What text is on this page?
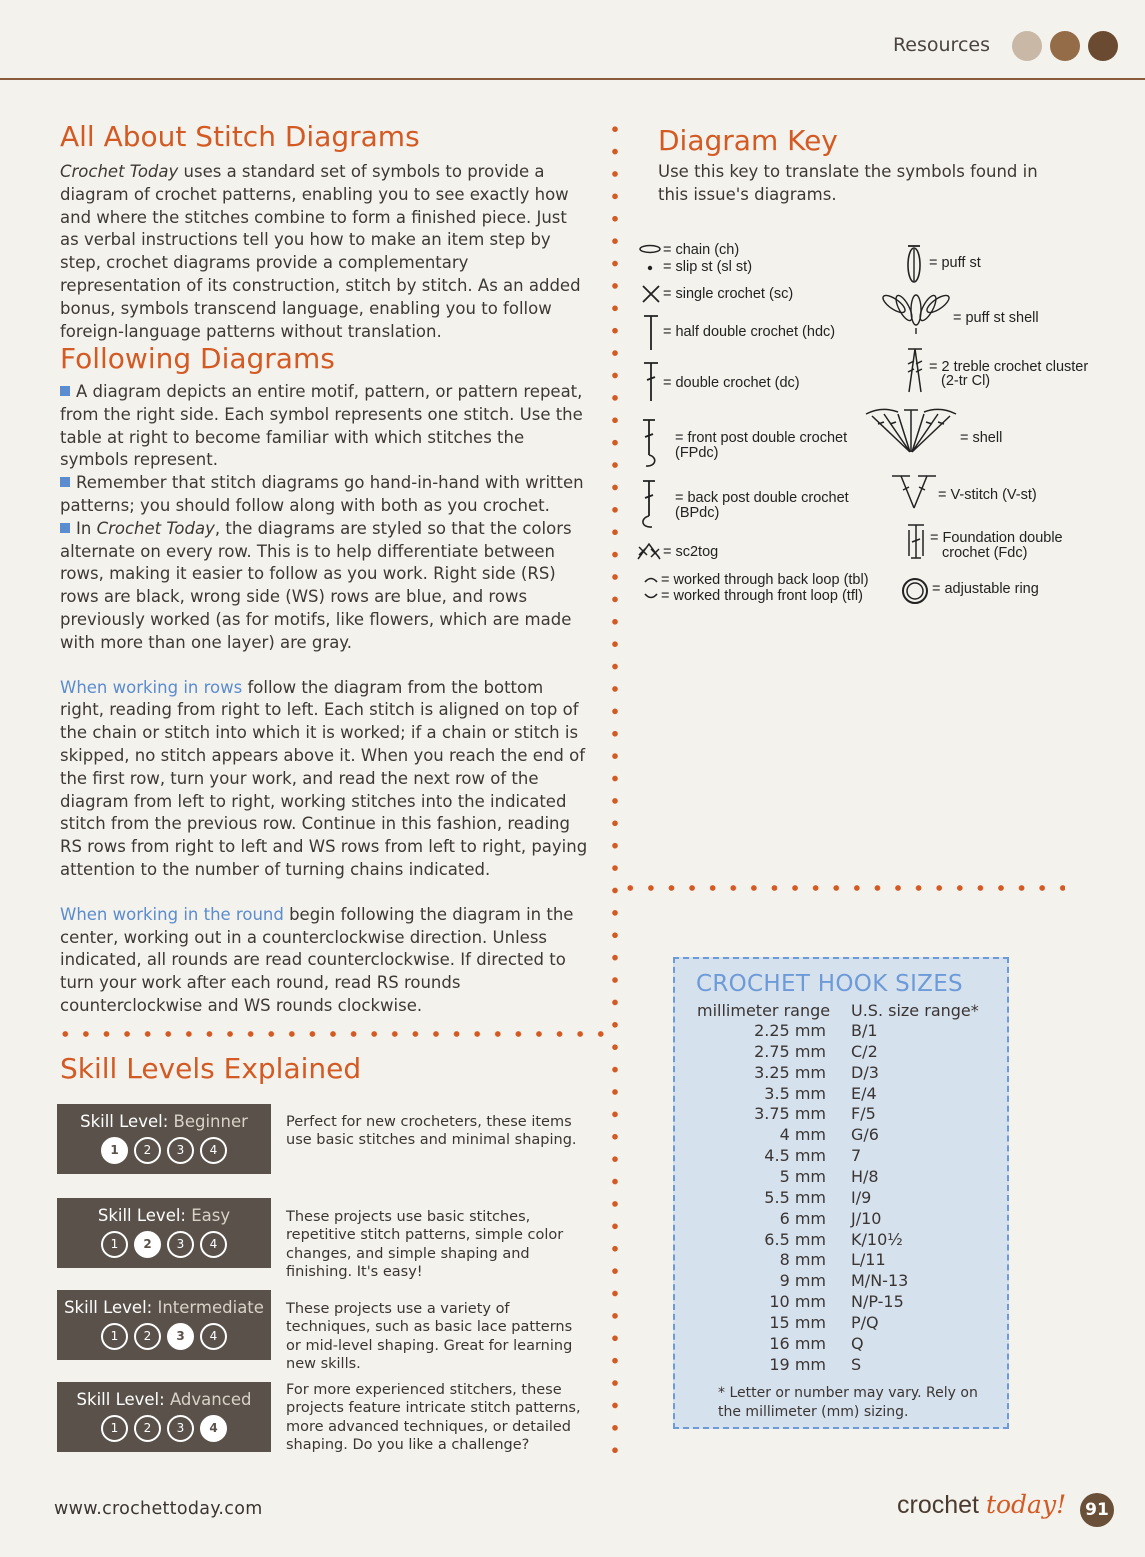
Resources
All About Stitch Diagrams

Crochet Today uses a standard set of symbols to provide a diagram of crochet patterns, enabling you to see exactly how and where the stitches combine to form a finished piece. Just as verbal instructions tell you how to make an item step by step, crochet diagrams provide a complementary representation of its construction, stitch by stitch. As an added bonus, symbols transcend language, enabling you to follow foreign-language patterns without translation.

Following Diagrams

A diagram depicts an entire motif, pattern, or pattern repeat, from the right side. Each symbol represents one stitch. Use the table at right to become familiar with which stitches the symbols represent.

Remember that stitch diagrams go hand-in-hand with written patterns; you should follow along with both as you crochet.

In Crochet Today, the diagrams are styled so that the colors alternate on every row. This is to help differentiate between rows, making it easier to follow as you work. Right side (RS) rows are black, wrong side (WS) rows are blue, and rows previously worked (as for motifs, like flowers, which are made with more than one layer) are gray.

When working in rows follow the diagram from the bottom right, reading from right to left. Each stitch is aligned on top of the chain or stitch into which it is worked; if a chain or stitch is skipped, no stitch appears above it. When you reach the end of the first row, turn your work, and read the next row of the diagram from left to right, working stitches into the indicated stitch from the previous row. Continue in this fashion, reading RS rows from right to left and WS rows from left to right, paying attention to the number of turning chains indicated.

When working in the round begin following the diagram in the center, working out in a counterclockwise direction. Unless indicated, all rounds are read counterclockwise. If directed to turn your work after each round, read RS rounds counterclockwise and WS rounds clockwise.

Skill Levels Explained
Skill Level: Beginner
1	2	3	4
Perfect for new crocheters, these items use basic stitches and minimal shaping.
Skill Level: Easy
1	2	3	4
These projects use basic stitches, repetitive stitch patterns, simple color changes, and simple shaping and finishing. It's easy!
Skill Level: Intermediate
1	2	3	4
These projects use a variety of techniques, such as basic lace patterns or mid-level shaping. Great for learning new skills.
Skill Level: Advanced
1	2	3	4
For more experienced stitchers, these projects feature intricate stitch patterns, more advanced techniques, or detailed shaping. Do you like a challenge?
Diagram Key
Use this key to translate the symbols found in this issue's diagrams.
= chain (ch)
= slip st (sl st)
= single crochet (sc)
= half double crochet (hdc)
= double crochet (dc)
= front post double crochet
(FPdc)
= back post double crochet
(BPdc)
= sc2tog
= worked through back loop (tbl)
= worked through front loop (tfl)
= puff st
= puff st shell
= 2 treble crochet cluster
(2-tr Cl)
= shell
= V-stitch (V-st)
= Foundation double
crochet (Fdc)
= adjustable ring
CROCHET HOOK SIZES
millimeter range U.S. size range*
2.25 mm B/1
2.75 mm C/2
3.25 mm D/3
3.5 mm E/4
3.75 mm F/5
4 mm G/6
4.5 mm 7
5 mm H/8
5.5 mm I/9
6 mm J/10
6.5 mm K/10½
8 mm L/11
9 mm M/N-13
10 mm N/P-15
15 mm P/Q
16 mm Q
19 mm S
* Letter or number may vary. Rely on the millimeter (mm) sizing.
www.crochettoday.com	crochet today!	91
